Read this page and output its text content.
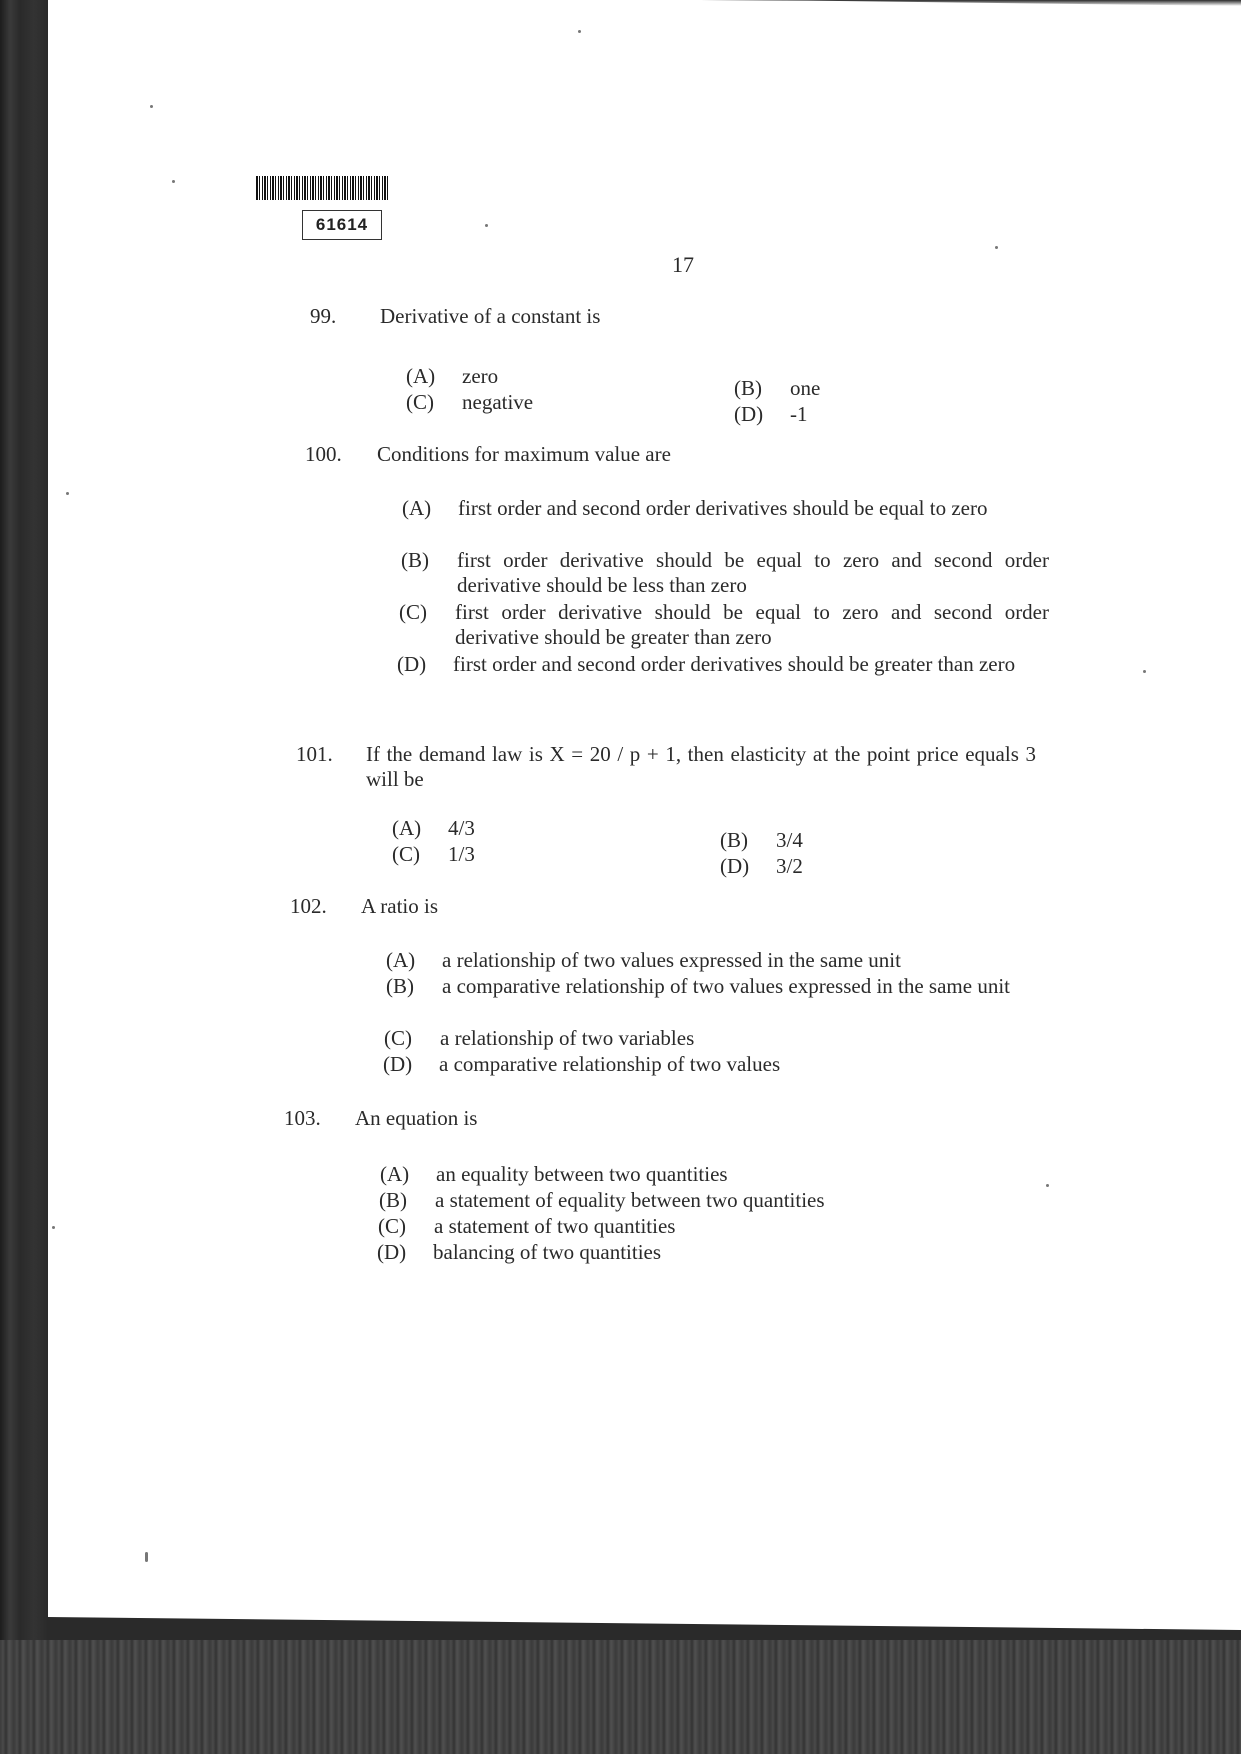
61614
17
99. Derivative of a constant is
(A) zero
(C) negative
(B) one
(D) -1
100. Conditions for maximum value are
(A)	first order and second order derivatives should be equal to zero
(B)	first order derivative should be equal to zero and second order derivative should be less than zero
(C)	first order derivative should be equal to zero and second order derivative should be greater than zero
(D)	first order and second order derivatives should be greater than zero
101. If the demand law is X = 20 / p + 1, then elasticity at the point price equals 3 will be
(A) 4/3
(C) 1/3
(B) 3/4
(D) 3/2
102. A ratio is
(A)	a relationship of two values expressed in the same unit
(B)	a comparative relationship of two values expressed in the same unit
(C)	a relationship of two variables
(D)	a comparative relationship of two values
103. An equation is
(A) an equality between two quantities
(B) a statement of equality between two quantities
(C) a statement of two quantities
(D) balancing of two quantities
